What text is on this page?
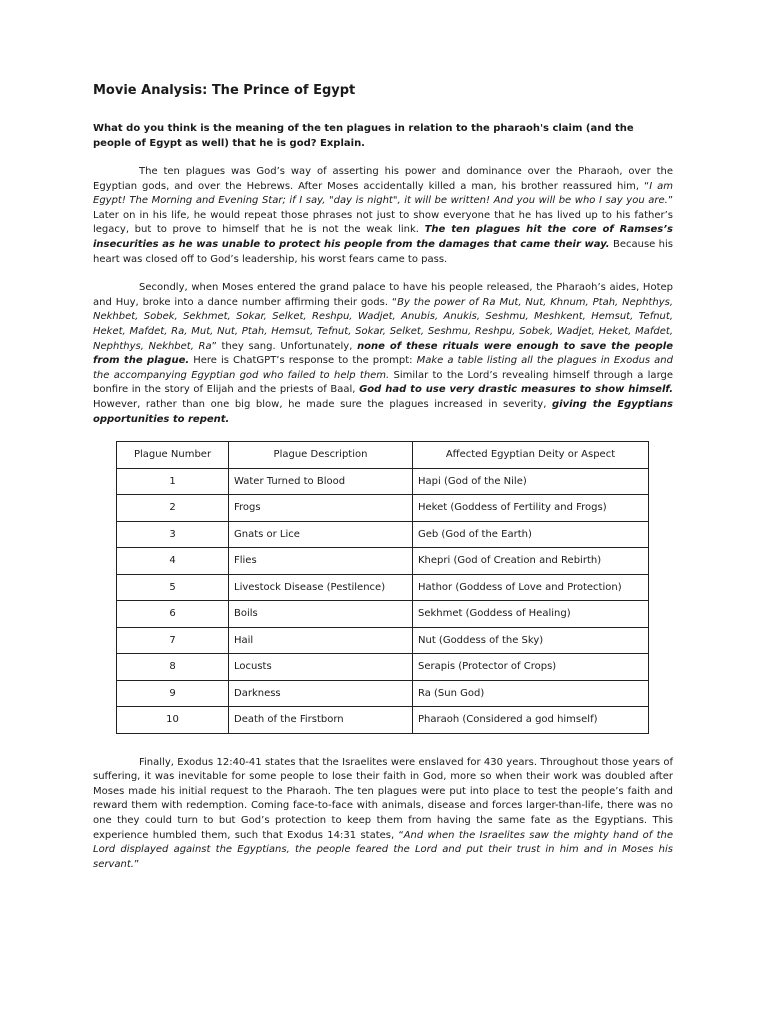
Movie Analysis: The Prince of Egypt

What do you think is the meaning of the ten plagues in relation to the pharaoh's claim (and the people of Egypt as well) that he is god? Explain.

The ten plagues was God’s way of asserting his power and dominance over the Pharaoh, over the Egyptian gods, and over the Hebrews. After Moses accidentally killed a man, his brother reassured him, “I am Egypt! The Morning and Evening Star; if I say, "day is night", it will be written! And you will be who I say you are.” Later on in his life, he would repeat those phrases not just to show everyone that he has lived up to his father’s legacy, but to prove to himself that he is not the weak link. The ten plagues hit the core of Ramses’s insecurities as he was unable to protect his people from the damages that came their way. Because his heart was closed off to God’s leadership, his worst fears came to pass.

Secondly, when Moses entered the grand palace to have his people released, the Pharaoh’s aides, Hotep and Huy, broke into a dance number affirming their gods. “By the power of Ra Mut, Nut, Khnum, Ptah, Nephthys, Nekhbet, Sobek, Sekhmet, Sokar, Selket, Reshpu, Wadjet, Anubis, Anukis, Seshmu, Meshkent, Hemsut, Tefnut, Heket, Mafdet, Ra, Mut, Nut, Ptah, Hemsut, Tefnut, Sokar, Selket, Seshmu, Reshpu, Sobek, Wadjet, Heket, Mafdet, Nephthys, Nekhbet, Ra” they sang. Unfortunately, none of these rituals were enough to save the people from the plague. Here is ChatGPT’s response to the prompt: Make a table listing all the plagues in Exodus and the accompanying Egyptian god who failed to help them. Similar to the Lord’s revealing himself through a large bonfire in the story of Elijah and the priests of Baal, God had to use very drastic measures to show himself. However, rather than one big blow, he made sure the plagues increased in severity, giving the Egyptians opportunities to repent.

Plague Number	Plague Description	Affected Egyptian Deity or Aspect
1	Water Turned to Blood	Hapi (God of the Nile)
2	Frogs	Heket (Goddess of Fertility and Frogs)
3	Gnats or Lice	Geb (God of the Earth)
4	Flies	Khepri (God of Creation and Rebirth)
5	Livestock Disease (Pestilence)	Hathor (Goddess of Love and Protection)
6	Boils	Sekhmet (Goddess of Healing)
7	Hail	Nut (Goddess of the Sky)
8	Locusts	Serapis (Protector of Crops)
9	Darkness	Ra (Sun God)
10	Death of the Firstborn	Pharaoh (Considered a god himself)

Finally, Exodus 12:40-41 states that the Israelites were enslaved for 430 years. Throughout those years of suffering, it was inevitable for some people to lose their faith in God, more so when their work was doubled after Moses made his initial request to the Pharaoh. The ten plagues were put into place to test the people’s faith and reward them with redemption. Coming face-to-face with animals, disease and forces larger-than-life, there was no one they could turn to but God’s protection to keep them from having the same fate as the Egyptians. This experience humbled them, such that Exodus 14:31 states, “And when the Israelites saw the mighty hand of the Lord displayed against the Egyptians, the people feared the Lord and put their trust in him and in Moses his servant.”
